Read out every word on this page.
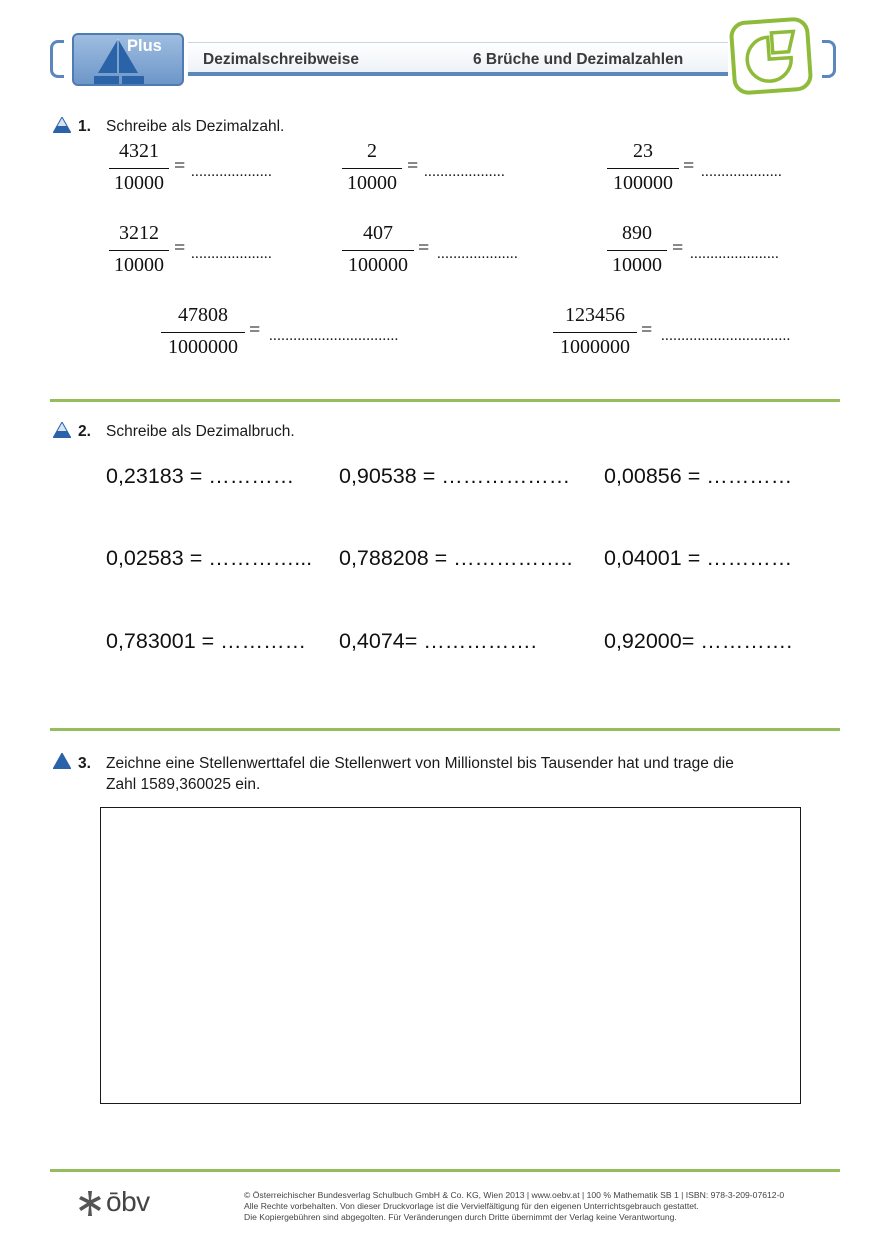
Plus
Dezimalschreibweise	6 Brüche und Dezimalzahlen
1. Schreibe als Dezimalzahl.
4321
10000
= ....................
2
10000
= ....................
23
100000
= ....................
3212
10000
= ....................
407
100000
= ....................
890
10000
= ......................
47808
1000000
= ................................
123456
1000000
= ................................
2. Schreibe als Dezimalbruch.
0,23183 = ………… 0,90538 = ……………… 0,00856 = …………
0,02583 = …………... 0,788208 = …………….. 0,04001 = …………
0,783001 = ………… 0,4074= …………….	0,92000= ………….
3. Zeichne eine Stellenwerttafel die Stellenwert von Millionstel bis Tausender hat und trage die
Zahl 1589,360025 ein.
ōbv	© Österreichischer Bundesverlag Schulbuch GmbH & Co. KG, Wien 2013 | www.oebv.at | 100 % Mathematik SB 1 | ISBN: 978-3-209-07612-0
Alle Rechte vorbehalten. Von dieser Druckvorlage ist die Vervielfältigung für den eigenen Unterrichtsgebrauch gestattet.
Die Kopiergebühren sind abgegolten. Für Veränderungen durch Dritte übernimmt der Verlag keine Verantwortung.
